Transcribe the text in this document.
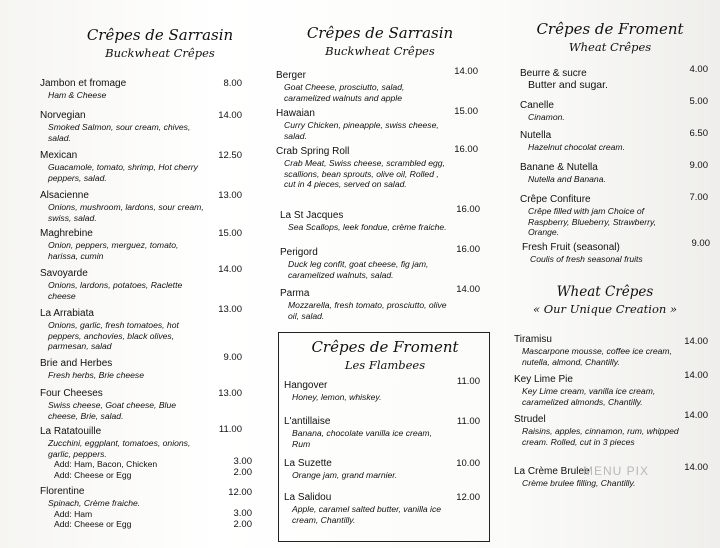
Crêpes de Sarrasin
Buckwheat Crêpes
Jambon et fromage
Ham & Cheese
8.00
Norvegian
Smoked Salmon, sour cream, chives, salad.
14.00
Mexican
Guacamole, tomato, shrimp, Hot cherry peppers, salad.
12.50
Alsacienne
Onions, mushroom, lardons, sour cream, swiss, salad.
13.00
Maghrebine
Onion, peppers, merguez, tomato, harissa, cumin
15.00
Savoyarde
Onions, lardons, potatoes, Raclette cheese
14.00
La Arrabiata
Onions, garlic, fresh tomatoes, hot peppers, anchovies, black olives, parmesan, salad
13.00
Brie and Herbes
Fresh herbs, Brie cheese
9.00
Four Cheeses
Swiss cheese, Goat cheese, Blue cheese, Brie, salad.
13.00
La Ratatouille
Zucchini, eggplant, tomatoes, onions, garlic, peppers.
Add: Ham, Bacon, Chicken
Add: Cheese or Egg
11.00
3.00
2.00
Florentine
Spinach, Crème fraiche.
Add: Ham
Add: Cheese or Egg
12.00
3.00
2.00
Crêpes de Sarrasin
Buckwheat Crêpes
Berger
Goat Cheese, prosciutto, salad, caramelized walnuts and apple
14.00
Hawaian
Curry Chicken, pineapple, swiss cheese, salad.
15.00
Crab Spring Roll
Crab Meat, Swiss cheese, scrambled egg, scallions, bean sprouts, olive oil, Rolled , cut in 4 pieces, served on salad.
16.00
La St Jacques
Sea Scallops, leek fondue, crème fraiche.
16.00
Perigord
Duck leg confit, goat cheese, fig jam, caramelized walnuts, salad.
16.00
Parma
Mozzarella, fresh tomato, prosciutto, olive oil, salad.
14.00
Crêpes de Froment
Les Flambees
Hangover
Honey, lemon, whiskey.
11.00
L'antillaise
Banana, chocolate vanilla ice cream, Rum
11.00
La Suzette
Orange jam, grand marnier.
10.00
La Salidou
Apple, caramel salted butter, vanilla ice cream, Chantilly.
12.00
Crêpes de Froment
Wheat Crêpes
Beurre & sucre
Butter and sugar.
4.00
Canelle
Cinamon.
5.00
Nutella
Hazelnut chocolat cream.
6.50
Banane & Nutella
Nutella and Banana.
9.00
Crêpe Confiture
Crêpe filled with jam Choice of Raspberry, Blueberry, Strawberry, Orange.
7.00
Fresh Fruit (seasonal)
Coulis of fresh seasonal fruits
9.00
Wheat Crêpes
« Our Unique Creation »
Tiramisu
Mascarpone mousse, coffee ice cream, nutella, almond, Chantilly.
14.00
Key Lime Pie
Key Lime cream, vanilla ice cream, caramelized almonds, Chantilly.
14.00
Strudel
Raisins, apples, cinnamon, rum, whipped cream. Rolled, cut in 3 pieces
14.00
La Crème Brulee
Crème brulee filling, Chantilly.
14.00
MENU PIX
